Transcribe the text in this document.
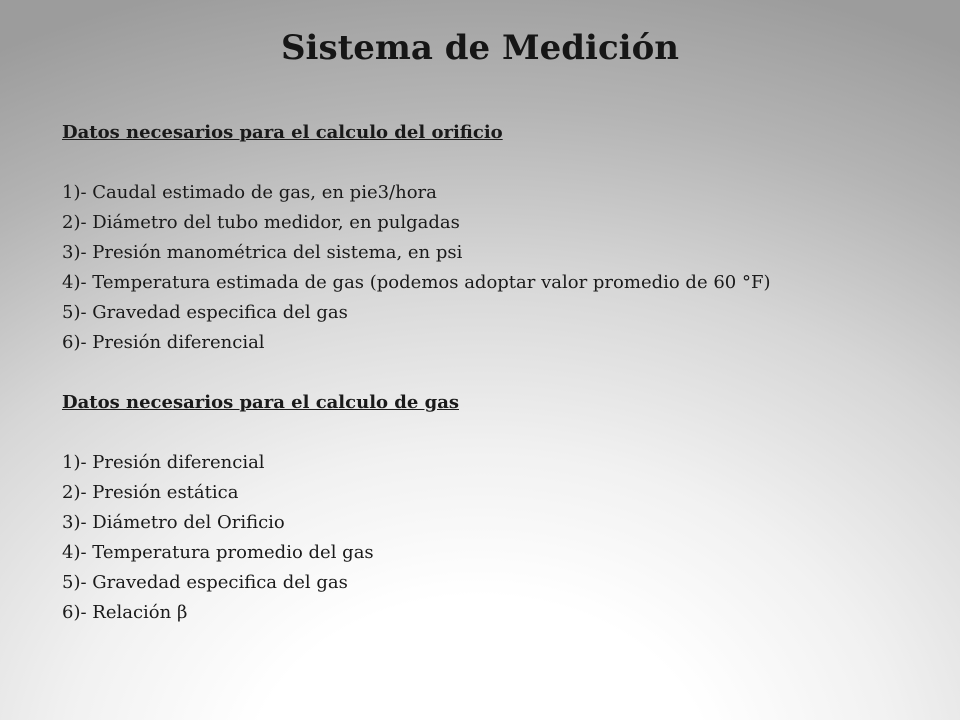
Sistema de Medición
Datos necesarios para el calculo del orificio
1)- Caudal estimado de gas, en pie3/hora
2)- Diámetro del tubo medidor, en pulgadas
3)- Presión manométrica del sistema, en psi
4)- Temperatura estimada de gas (podemos adoptar valor promedio de 60 °F)
5)- Gravedad especifica del gas
6)- Presión diferencial
Datos necesarios para el calculo de gas
1)- Presión diferencial
2)- Presión estática
3)- Diámetro del Orificio
4)- Temperatura promedio del gas
5)- Gravedad especifica del gas
6)- Relación β
